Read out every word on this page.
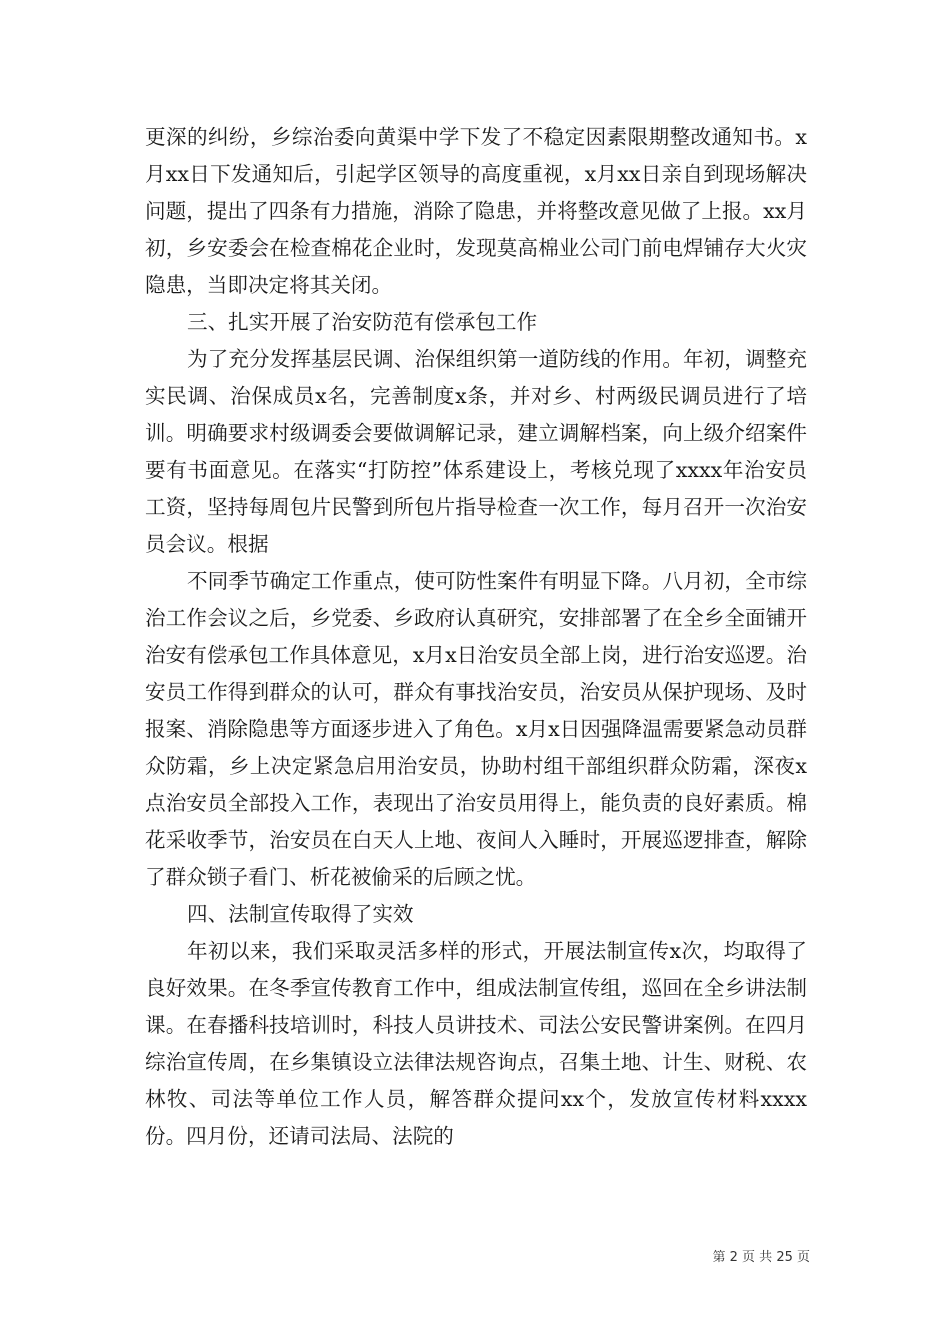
更深的纠纷，乡综治委向黄渠中学下发了不稳定因素限期整改通知书。x月xx日下发通知后，引起学区领导的高度重视，x月xx日亲自到现场解决问题，提出了四条有力措施，消除了隐患，并将整改意见做了上报。xx月初，乡安委会在检查棉花企业时，发现莫高棉业公司门前电焊铺存大火灾隐患，当即决定将其关闭。

三、扎实开展了治安防范有偿承包工作

为了充分发挥基层民调、治保组织第一道防线的作用。年初，调整充实民调、治保成员x名，完善制度x条，并对乡、村两级民调员进行了培训。明确要求村级调委会要做调解记录，建立调解档案，向上级介绍案件要有书面意见。在落实“打防控”体系建设上，考核兑现了xxxx年治安员工资，坚持每周包片民警到所包片指导检查一次工作，每月召开一次治安员会议。根据

不同季节确定工作重点，使可防性案件有明显下降。八月初，全市综治工作会议之后，乡党委、乡政府认真研究，安排部署了在全乡全面铺开治安有偿承包工作具体意见，x月x日治安员全部上岗，进行治安巡逻。治安员工作得到群众的认可，群众有事找治安员，治安员从保护现场、及时报案、消除隐患等方面逐步进入了角色。x月x日因强降温需要紧急动员群众防霜，乡上决定紧急启用治安员，协助村组干部组织群众防霜，深夜x点治安员全部投入工作，表现出了治安员用得上，能负责的良好素质。棉花采收季节，治安员在白天人上地、夜间人入睡时，开展巡逻排查，解除了群众锁子看门、析花被偷采的后顾之忧。

四、法制宣传取得了实效

年初以来，我们采取灵活多样的形式，开展法制宣传x次，均取得了良好效果。在冬季宣传教育工作中，组成法制宣传组，巡回在全乡讲法制课。在春播科技培训时，科技人员讲技术、司法公安民警讲案例。在四月综治宣传周，在乡集镇设立法律法规咨询点，召集土地、计生、财税、农林牧、司法等单位工作人员，解答群众提问xx个，发放宣传材料xxxx份。四月份，还请司法局、法院的

第 2 页 共 25 页
